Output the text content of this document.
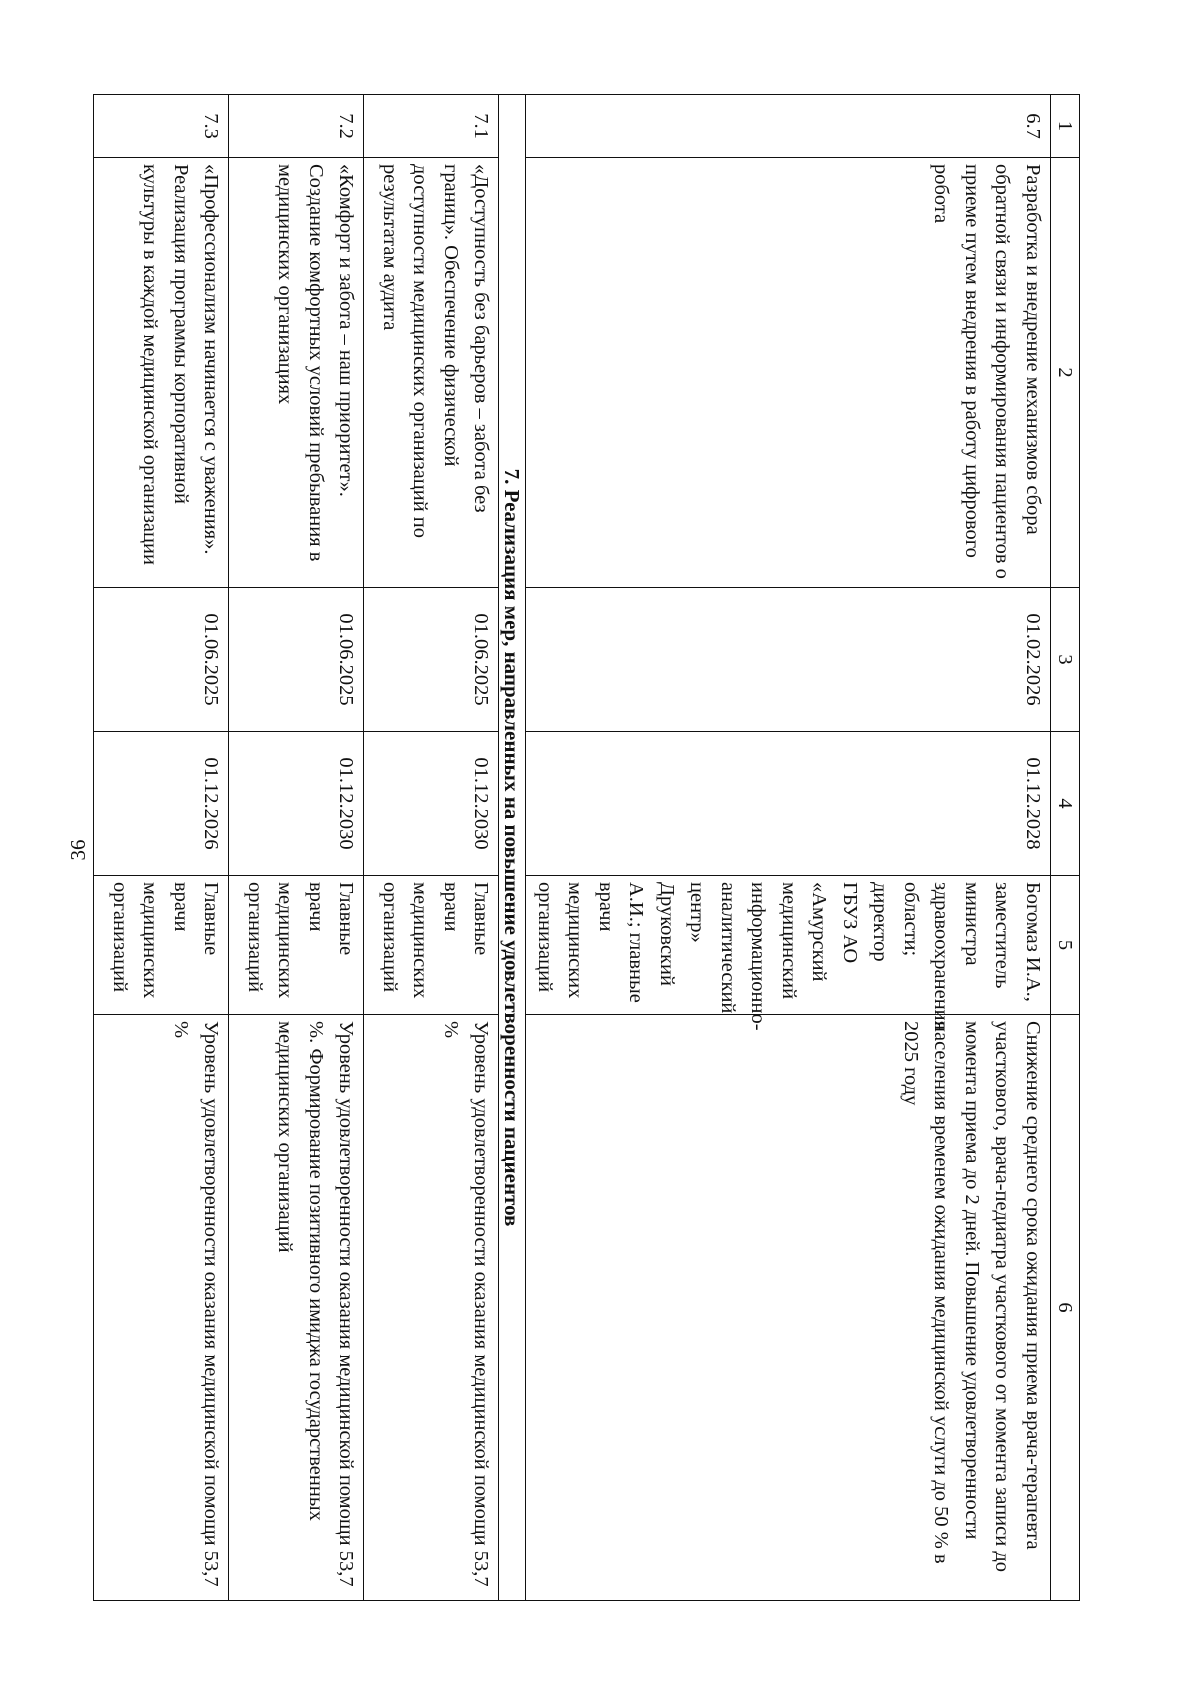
36
1	2	3	4	5	6
6.7	Разработка и внедрение механизмов сбора обратной связи и информирования пациентов о приеме путем внедрения в работу цифрового робота	01.02.2026	01.12.2028	Богомаз И.А., заместитель министра здравоохранения области; директор ГБУЗ АО «Амурский медицинский информационно-аналитический центр» Друковский А.И.; главные врачи медицинских организаций	Снижение среднего срока ожидания приема врача-терапевта участкового, врача-педиатра участкового от момента записи до момента приема до 2 дней. Повышение удовлетворенности населения временем ожидания медицинской услуги до 50 % в 2025 году
7. Реализация мер, направленных на повышение удовлетворенности пациентов					
7.1	«Доступность без барьеров – забота без границ». Обеспечение физической доступности медицинских организаций по результатам аудита	01.06.2025	01.12.2030	Главные врачи медицинских организаций	Уровень удовлетворенности оказания медицинской помощи 53,7 %
7.2	«Комфорт и забота – наш приоритет». Создание комфортных условий пребывания в медицинских организациях	01.06.2025	01.12.2030	Главные врачи медицинских организаций	Уровень удовлетворенности оказания медицинской помощи 53,7 %. Формирование позитивного имиджа государственных медицинских организаций
7.3	«Профессионализм начинается с уважения». Реализация программы корпоративной культуры в каждой медицинской организации	01.06.2025	01.12.2026	Главные врачи медицинских организаций	Уровень удовлетворенности оказания медицинской помощи 53,7 %
